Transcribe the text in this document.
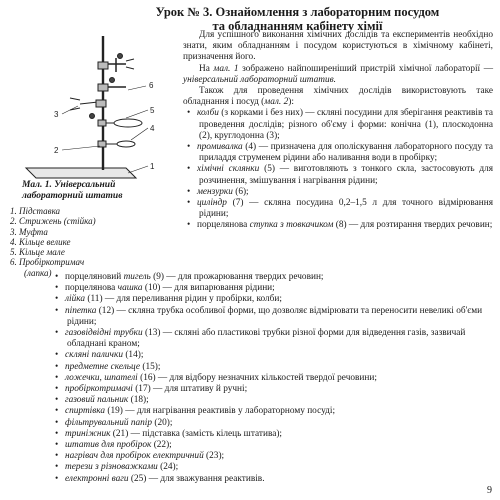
Урок № 3. Ознайомлення з лабораторним посудом
та обладнанням кабінету хімії
6
5
4
1
3
2
Мал. 1. Універсальний
лабораторний штатив
1. Підставка
2. Стрижень (стійка)
3. Муфта
4. Кільце велике
5. Кільце мале
6. Пробіркотримач
(лапка)
Для успішного виконання хімічних дослідів та експериментів необхідно знати, яким обладнанням і посудом користуються в хімічному кабінеті, призначення його.
На мал. 1 зображено найпоширеніший пристрій хімічної лабораторії — універсальний лабораторний штатив.
Також для проведення хімічних дослідів використовують таке обладнання і посуд (мал. 2):
• колби (з корками і без них) — скляні посудини для зберігання реактивів та проведення дослідів; різного об'єму і форми: конічна (1), плоскодонна (2), круглодонна (3);
• промивалка (4) — призначена для ополіскування лабораторного посуду та приладдя струменем рідини або наливання води в пробірку;
• хімічні склянки (5) — виготовляють з тонкого скла, застосовують для розчинення, змішування і нагрівання рідини;
• мензурки (6);
• циліндр (7) — скляна посудина 0,2–1,5 л для точного відмірювання рідини;
• порцелянова ступка з товкачиком (8) — для розтирання твердих речовин;
• порцеляновий тигель (9) — для прожарювання твердих речовин;
• порцелянова чашка (10) — для випарювання рідини;
• лійка (11) — для переливання рідин у пробірки, колби;
• піпетка (12) — скляна трубка особливої форми, що дозволяє відмірювати та переносити невеликі об'єми рідини;
• газовідвідні трубки (13) — скляні або пластикові трубки різної форми для відведення газів, зазвичай обладнані краном;
• скляні палички (14);
• предметне скельце (15);
• ложечки, шпателі (16) — для відбору незначних кількостей твердої речовини;
• пробіркотримачі (17) — для штативу й ручні;
• газовий пальник (18);
• спиртівка (19) — для нагрівання реактивів у лабораторному посуді;
• фільтрувальний папір (20);
• триніжник (21) — підставка (замість кілець штатива);
• штатив для пробірок (22);
• нагрівач для пробірок електричний (23);
• терези з різноважками (24);
• електронні ваги (25) — для зважування реактивів.
9
